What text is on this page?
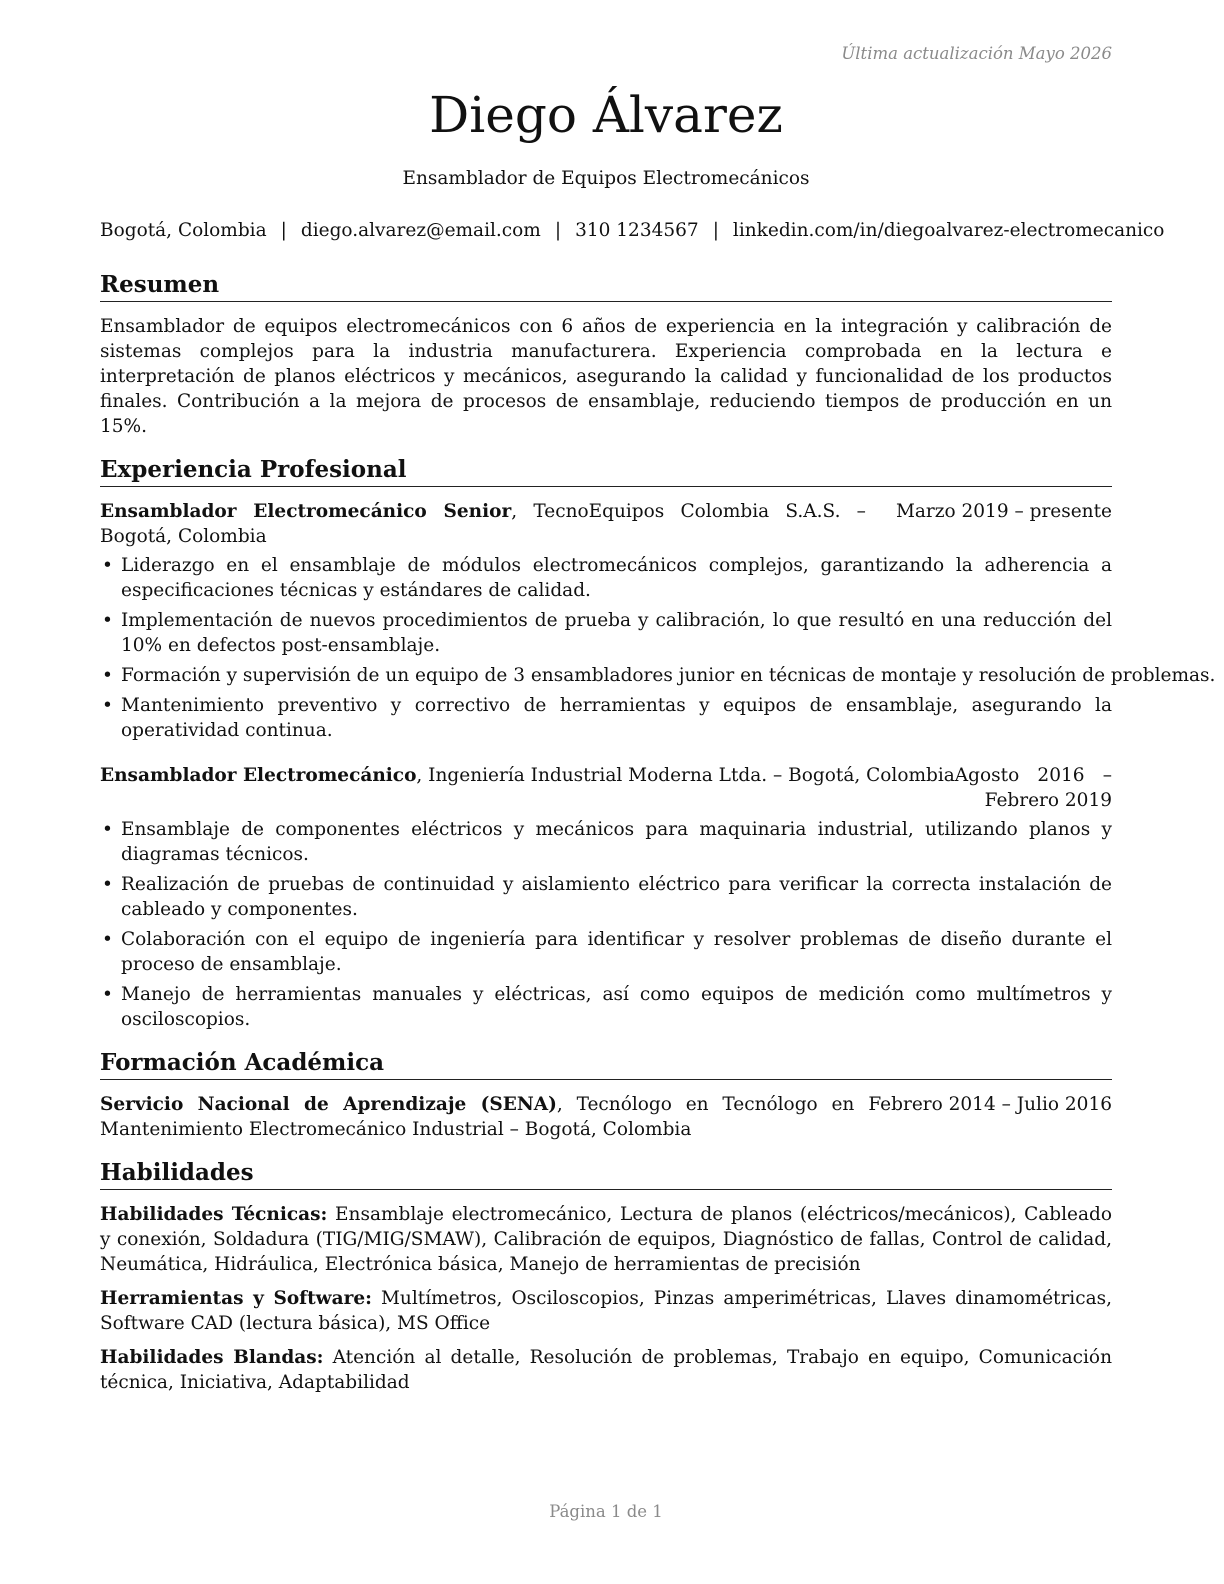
Última actualización Mayo 2026
Diego Álvarez
Ensamblador de Equipos Electromecánicos
Bogotá, Colombia | diego.alvarez@email.com | 310 1234567 | linkedin.com/in/diegoalvarez-electromecanico
Resumen

Ensamblador de equipos electromecánicos con 6 años de experiencia en la integración y calibración de sistemas complejos para la industria manufacturera. Experiencia comprobada en la lectura e interpretación de planos eléctricos y mecánicos, asegurando la calidad y funcionalidad de los productos finales. Contribución a la mejora de procesos de ensamblaje, reduciendo tiempos de producción en un 15%.

Experiencia Profesional
Ensamblador Electromecánico Senior, TecnoEquipos Colombia S.A.S. – Bogotá, Colombia
Marzo 2019 – presente
• Liderazgo en el ensamblaje de módulos electromecánicos complejos, garantizando la adherencia a especificaciones técnicas y estándares de calidad.
• Implementación de nuevos procedimientos de prueba y calibración, lo que resultó en una reducción del 10% en defectos post-ensamblaje.
• Formación y supervisión de un equipo de 3 ensambladores junior en técnicas de montaje y resolución de problemas.
• Mantenimiento preventivo y correctivo de herramientas y equipos de ensamblaje, asegurando la operatividad continua.
Ensamblador Electromecánico, Ingeniería Industrial Moderna Ltda. – Bogotá, Colombia Agosto 2016 – Febrero 2019
• Ensamblaje de componentes eléctricos y mecánicos para maquinaria industrial, utilizando planos y diagramas técnicos.
• Realización de pruebas de continuidad y aislamiento eléctrico para verificar la correcta instalación de cableado y componentes.
• Colaboración con el equipo de ingeniería para identificar y resolver problemas de diseño durante el proceso de ensamblaje.
• Manejo de herramientas manuales y eléctricas, así como equipos de medición como multímetros y osciloscopios.
Formación Académica
Servicio Nacional de Aprendizaje (SENA), Tecnólogo en Tecnólogo en Mantenimiento Electromecánico Industrial – Bogotá, Colombia
Febrero 2014 – Julio 2016
Habilidades
Habilidades Técnicas: Ensamblaje electromecánico, Lectura de planos (eléctricos/mecánicos), Cableado y conexión, Soldadura (TIG/MIG/SMAW), Calibración de equipos, Diagnóstico de fallas, Control de calidad, Neumática, Hidráulica, Electrónica básica, Manejo de herramientas de precisión
Herramientas y Software: Multímetros, Osciloscopios, Pinzas amperimétricas, Llaves dinamométricas, Software CAD (lectura básica), MS Office
Habilidades Blandas: Atención al detalle, Resolución de problemas, Trabajo en equipo, Comunicación técnica, Iniciativa, Adaptabilidad
Página 1 de 1
